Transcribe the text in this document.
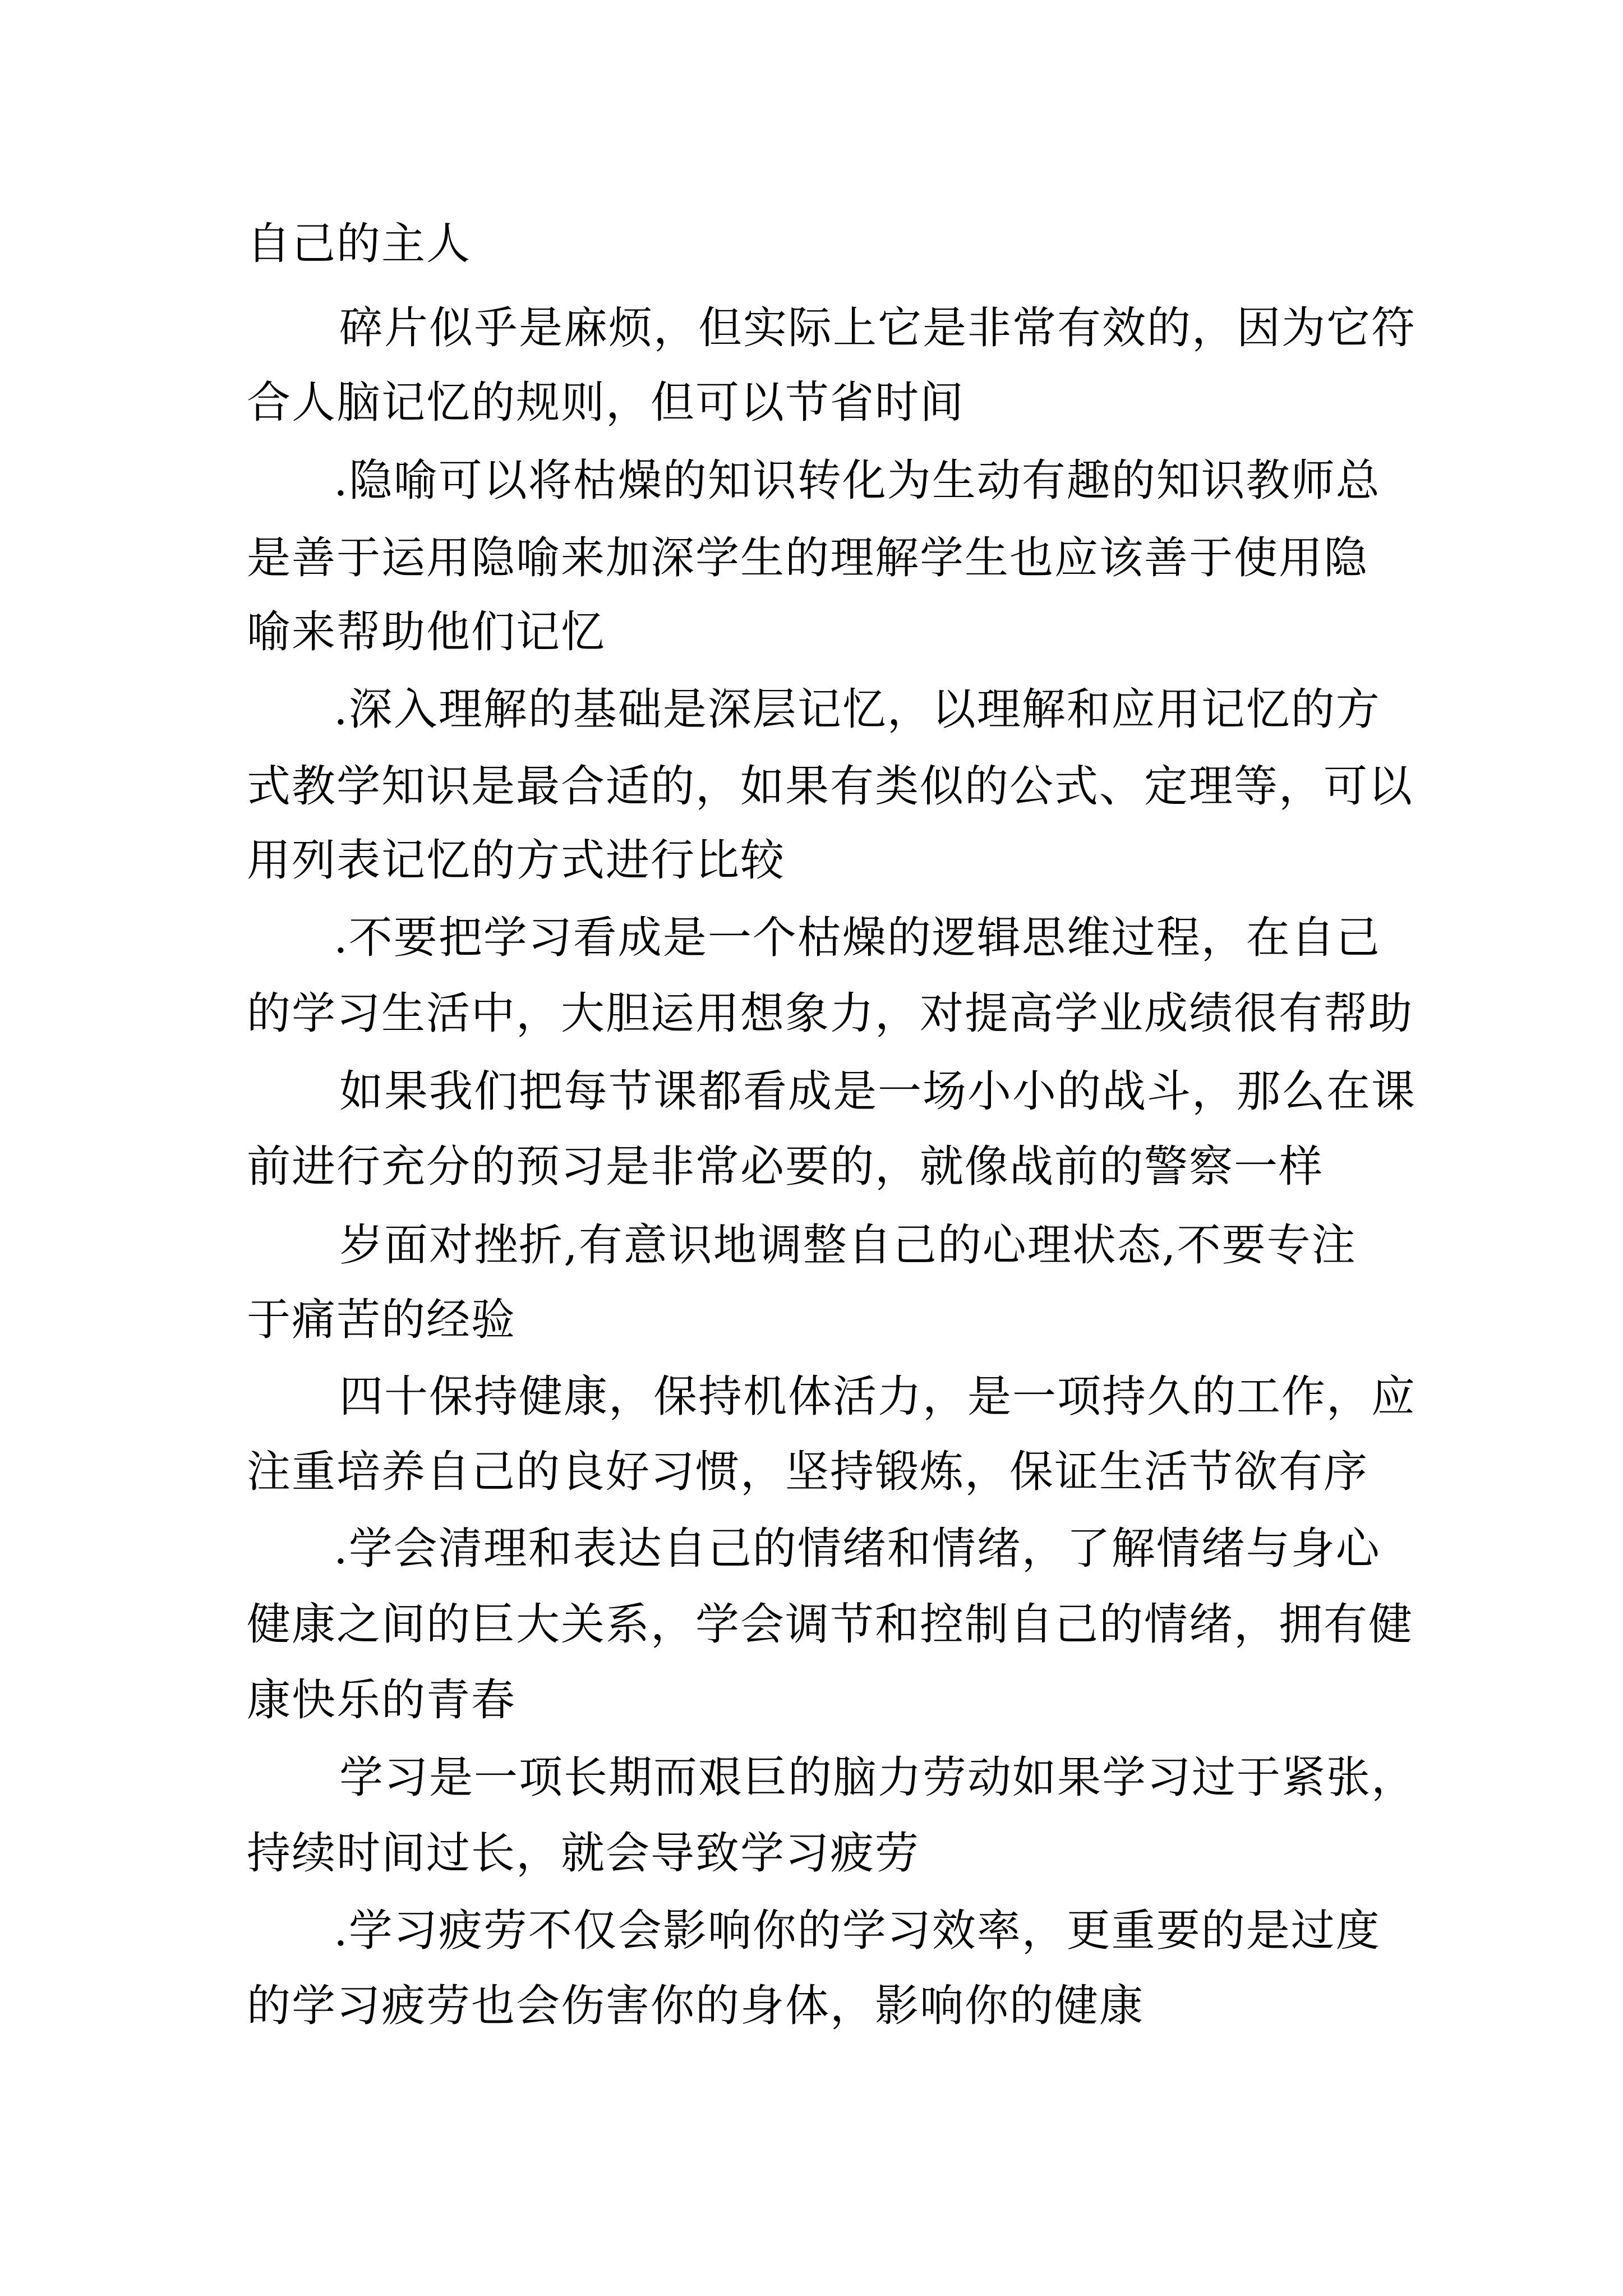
自己的主人
碎片似乎是麻烦，但实际上它是非常有效的，因为它符
合人脑记忆的规则，但可以节省时间
.隐喻可以将枯燥的知识转化为生动有趣的知识教师总
是善于运用隐喻来加深学生的理解学生也应该善于使用隐
喻来帮助他们记忆
.深入理解的基础是深层记忆，以理解和应用记忆的方
式教学知识是最合适的，如果有类似的公式、定理等，可以
用列表记忆的方式进行比较
.不要把学习看成是一个枯燥的逻辑思维过程，在自己
的学习生活中，大胆运用想象力，对提高学业成绩很有帮助
如果我们把每节课都看成是一场小小的战斗，那么在课
前进行充分的预习是非常必要的，就像战前的警察一样
岁面对挫折,有意识地调整自己的心理状态,不要专注
于痛苦的经验
四十保持健康，保持机体活力，是一项持久的工作，应
注重培养自己的良好习惯，坚持锻炼，保证生活节欲有序
.学会清理和表达自己的情绪和情绪，了解情绪与身心
健康之间的巨大关系，学会调节和控制自己的情绪，拥有健
康快乐的青春
学习是一项长期而艰巨的脑力劳动如果学习过于紧张，
持续时间过长，就会导致学习疲劳
.学习疲劳不仅会影响你的学习效率，更重要的是过度
的学习疲劳也会伤害你的身体，影响你的健康
